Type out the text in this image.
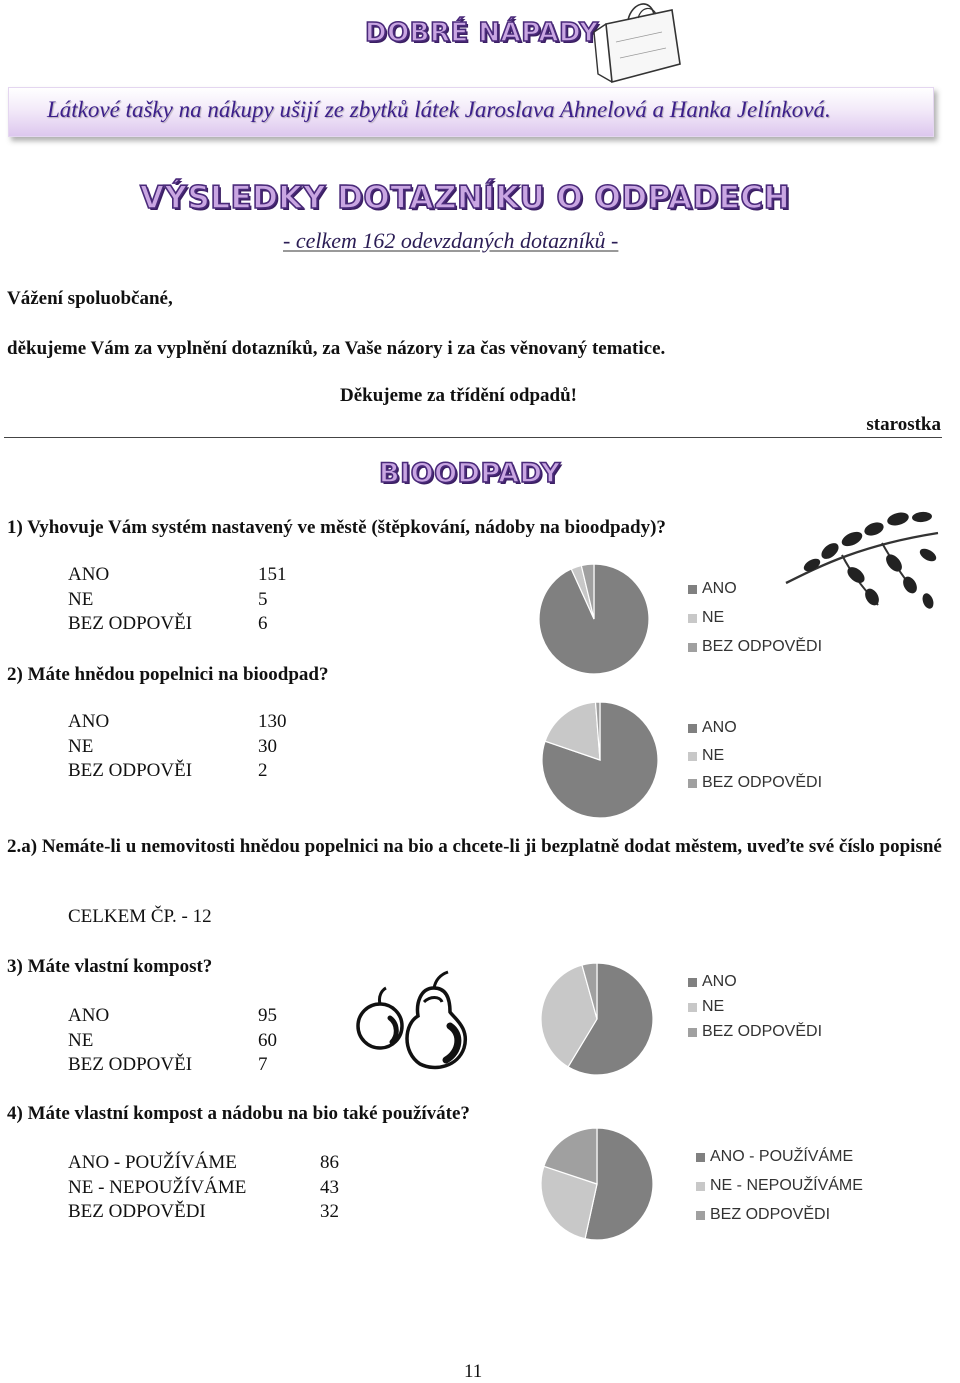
DOBRÉ NÁPADY
Látkové tašky na nákupy ušijí ze zbytků látek Jaroslava Ahnelová a Hanka Jelínková.
VÝSLEDKY DOTAZNÍKU O ODPADECH
- celkem 162 odevzdaných dotazníků -
Vážení spoluobčané,
děkujeme Vám za vyplnění dotazníků, za Vaše názory i za čas věnovaný tematice.
Děkujeme za třídění odpadů!
starostka
BIOODPADY
1) Vyhovuje Vám systém nastavený ve městě (štěpkování, nádoby na bioodpady)?
ANO	151
NE	5
BEZ ODPOVĚI	6
2) Máte hnědou popelnici na bioodpad?
ANO	130
NE	30
BEZ ODPOVĚI	2
2.a) Nemáte-li u nemovitosti hnědou popelnici na bio a chcete-li ji bezplatně dodat městem, uveďte své číslo popisné
CELKEM ČP. - 12
3) Máte vlastní kompost?
ANO	95
NE	60
BEZ ODPOVĚI	7
4) Máte vlastní kompost a nádobu na bio také používáte?
ANO - POUŽÍVÁME	86
NE - NEPOUŽÍVÁME	43
BEZ ODPOVĚDI	32
ANO
NE
BEZ ODPOVĚDI
ANO
NE
BEZ ODPOVĚDI
ANO
NE
BEZ ODPOVĚDI
ANO - POUŽÍVÁME
NE - NEPOUŽÍVÁME
BEZ ODPOVĚDI
11
